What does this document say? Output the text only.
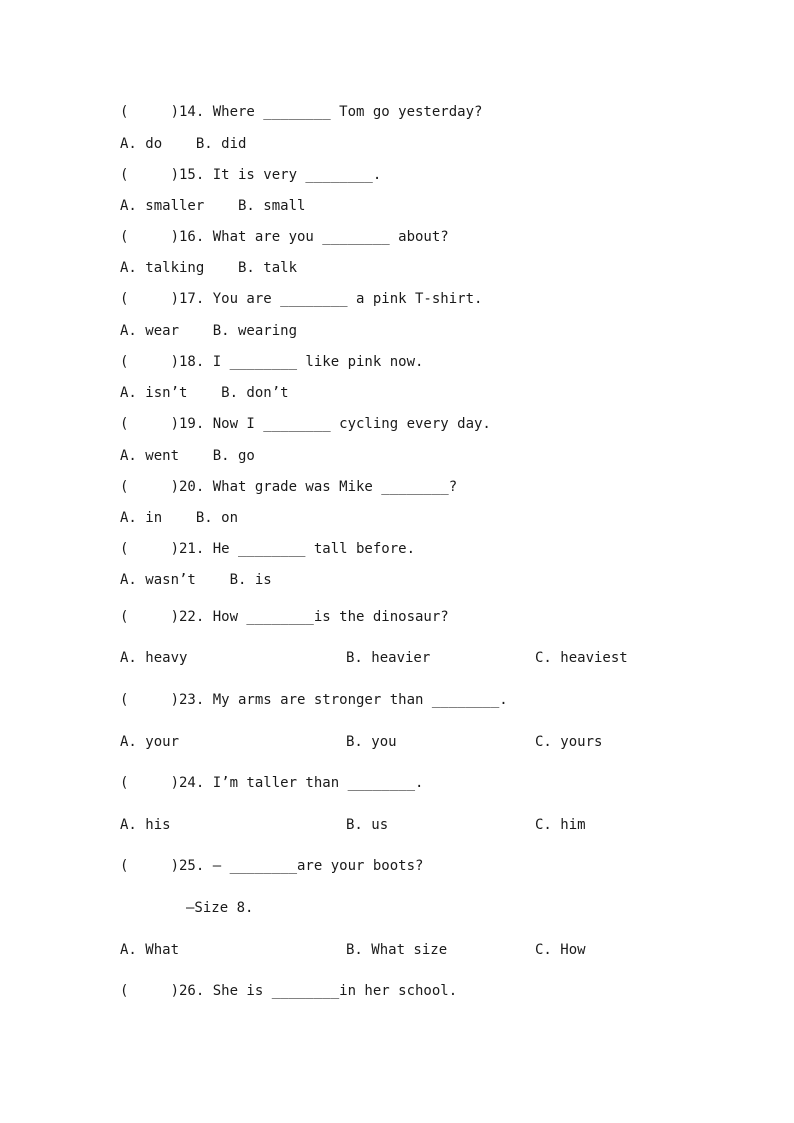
(     )14. Where ________ Tom go yesterday?
A. do    B. did
(     )15. It is very ________.
A. smaller    B. small
(     )16. What are you ________ about?
A. talking    B. talk
(     )17. You are ________ a pink T-shirt.
A. wear    B. wearing
(     )18. I ________ like pink now.
A. isn’t    B. don’t
(     )19. Now I ________ cycling every day.
A. went    B. go
(     )20. What grade was Mike ________?
A. in    B. on
(     )21. He ________ tall before.
A. wasn’t    B. is
(     )22. How ________is the dinosaur?
A. heavy	B. heavier	C. heaviest
(     )23. My arms are stronger than ________.
A. your	B. you	C. yours
(     )24. I’m taller than ________.
A. his	B. us	C. him
(     )25. — ________are your boots?
—Size 8.
A. What	B. What size	C. How
(     )26. She is ________in her school.
